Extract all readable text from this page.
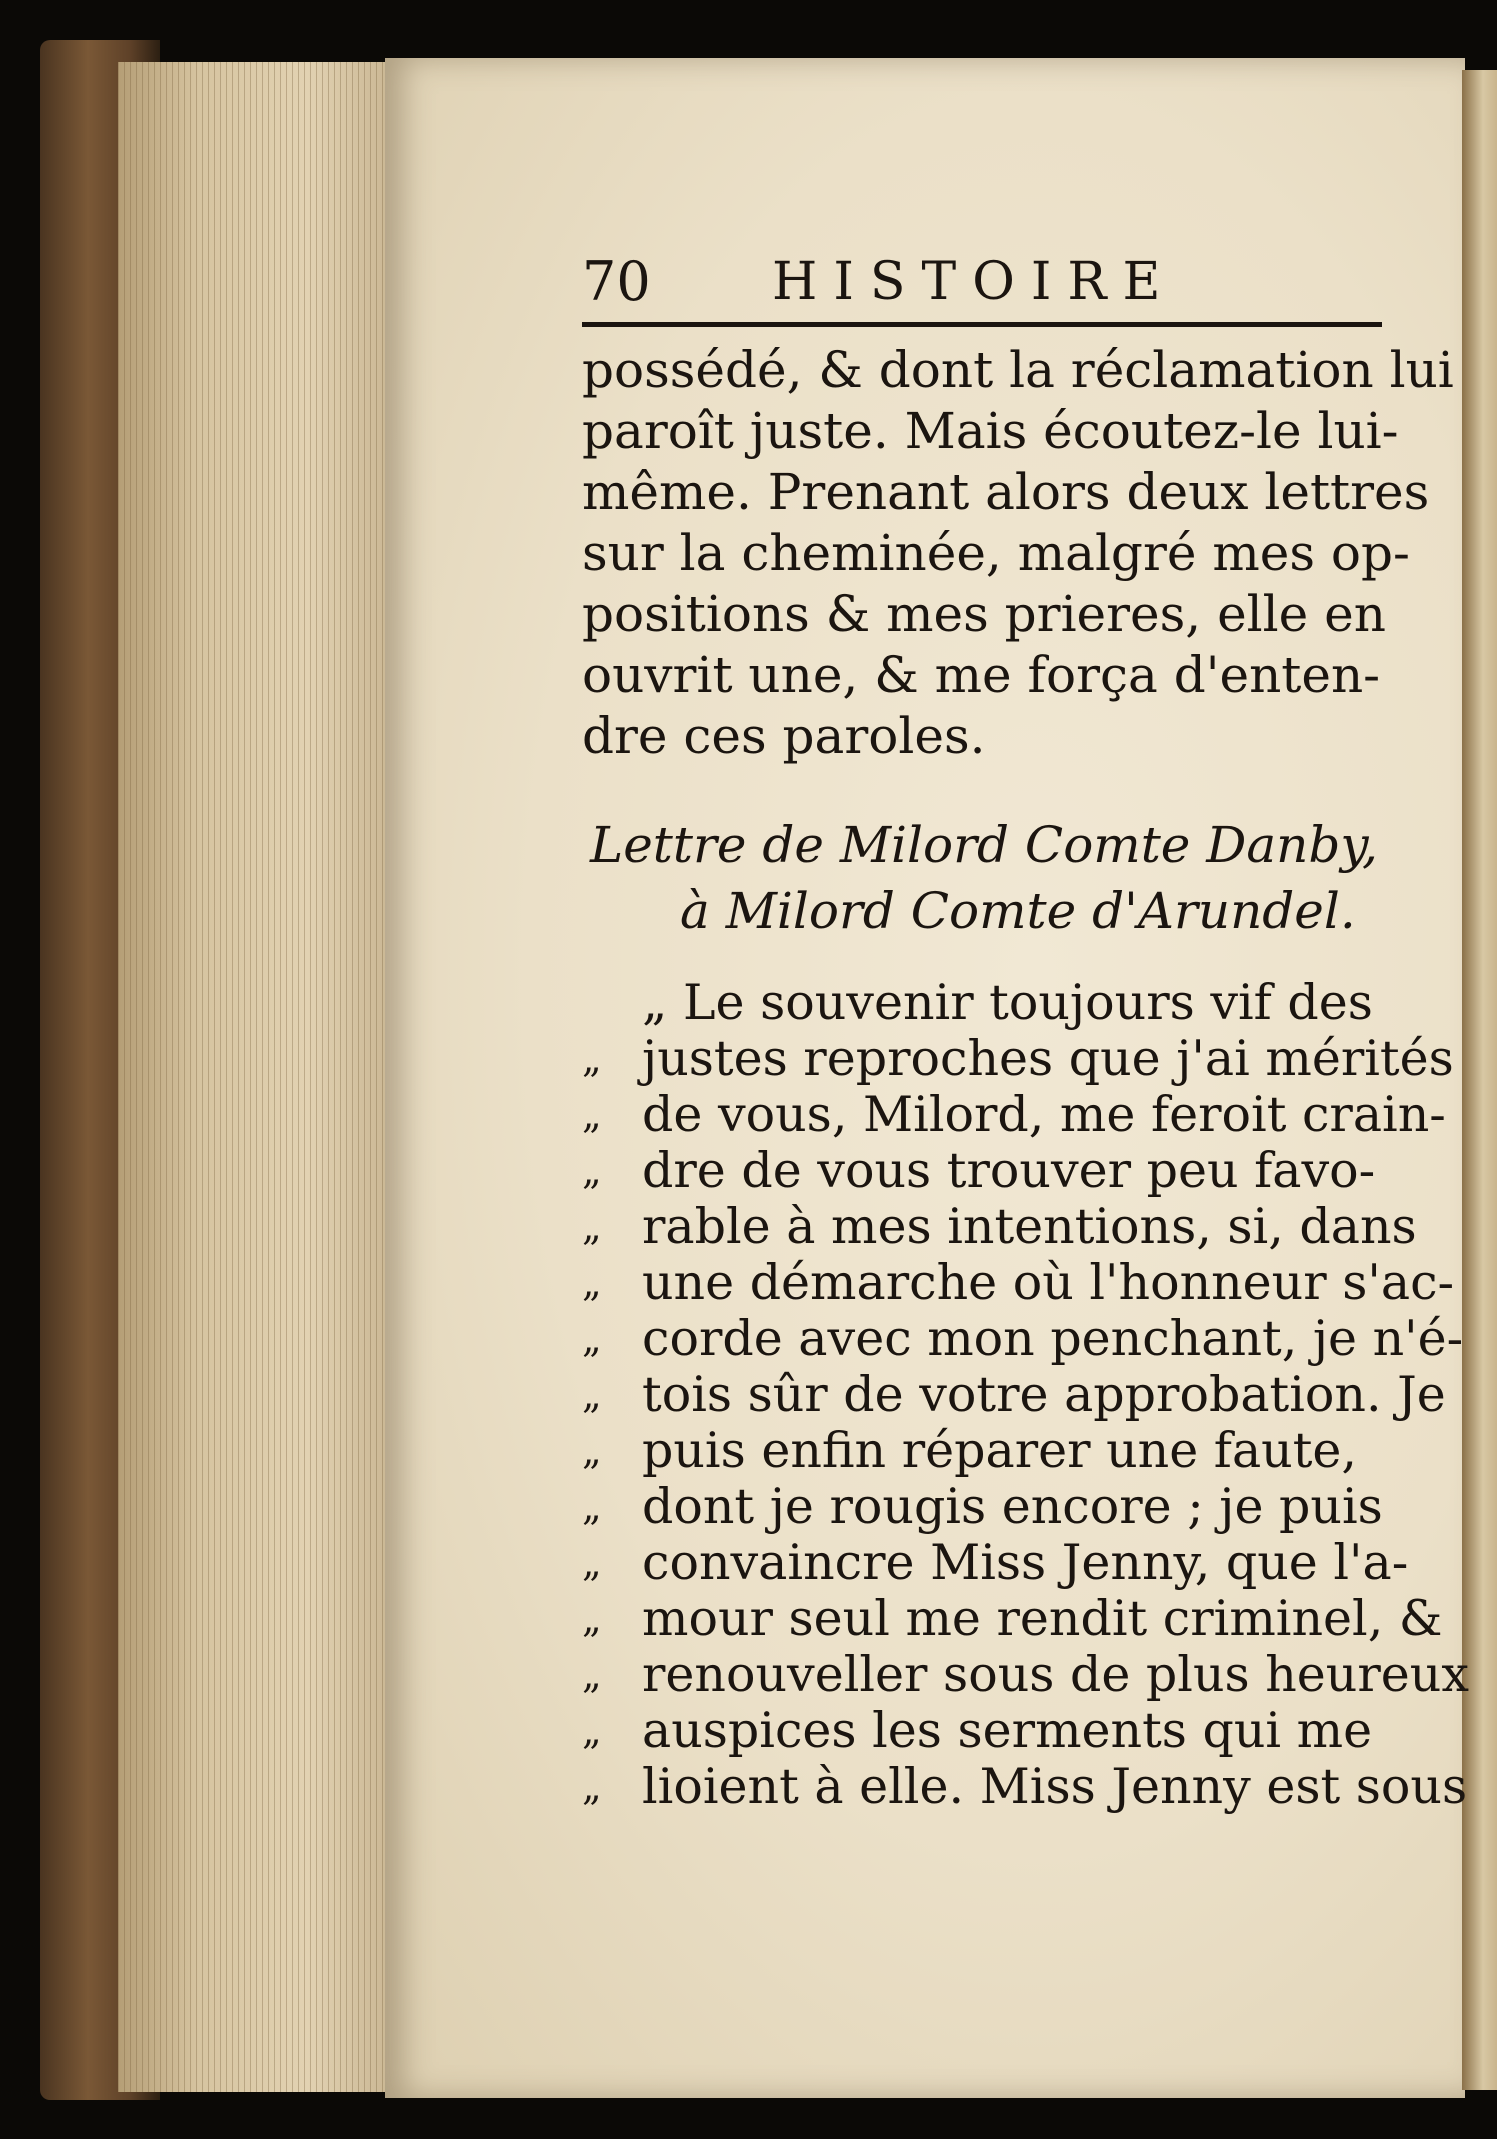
70 HISTOIRE
possédé, & dont la réclamation lui
paroît juste. Mais écoutez-le lui-
même. Prenant alors deux lettres
sur la cheminée, malgré mes op-
positions & mes prieres, elle en
ouvrit une, & me força d'enten-
dre ces paroles.
Lettre de Milord Comte Danby,
à Milord Comte d'Arundel.
„ Le souvenir toujours vif des
„ justes reproches que j'ai mérités
„ de vous, Milord, me feroit crain-
„ dre de vous trouver peu favo-
„ rable à mes intentions, si, dans
„ une démarche où l'honneur s'ac-
„ corde avec mon penchant, je n'é-
„ tois sûr de votre approbation. Je
„ puis enfin réparer une faute,
„ dont je rougis encore ; je puis
„ convaincre Miss Jenny, que l'a-
„ mour seul me rendit criminel, &
„ renouveller sous de plus heureux
„ auspices les serments qui me
„ lioient à elle. Miss Jenny est sous
